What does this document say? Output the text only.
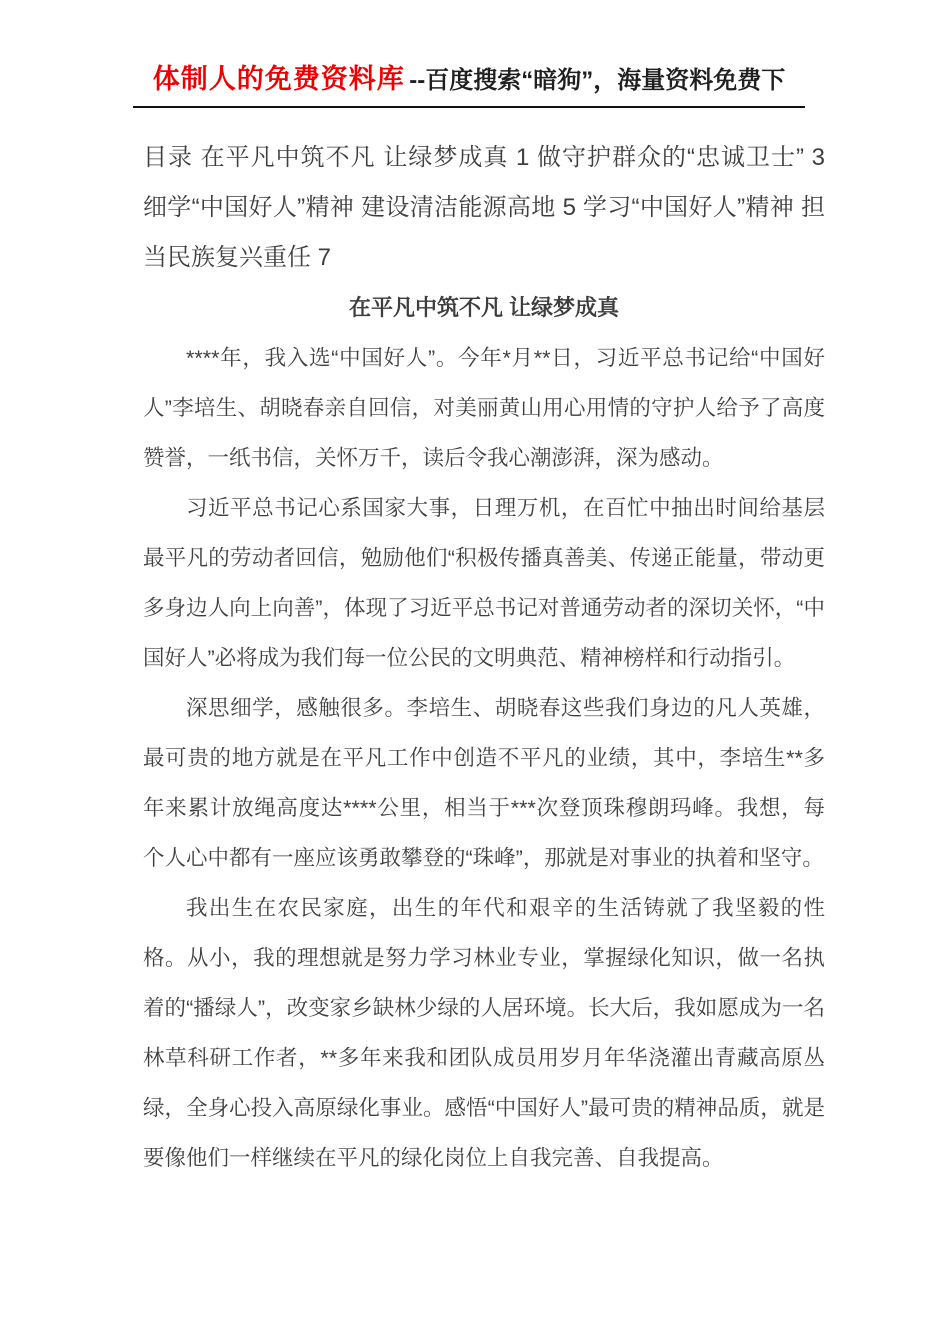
体制人的免费资料库 --百度搜索“暗狗”，海量资料免费下

目录 在平凡中筑不凡 让绿梦成真 1 做守护群众的“忠诚卫士” 3 细学“中国好人”精神 建设清洁能源高地 5 学习“中国好人”精神 担当民族复兴重任 7

在平凡中筑不凡 让绿梦成真

****年，我入选“中国好人”。今年*月**日，习近平总书记给“中国好人”李培生、胡晓春亲自回信，对美丽黄山用心用情的守护人给予了高度赞誉，一纸书信，关怀万千，读后令我心潮澎湃，深为感动。

习近平总书记心系国家大事，日理万机，在百忙中抽出时间给基层最平凡的劳动者回信，勉励他们“积极传播真善美、传递正能量，带动更多身边人向上向善”，体现了习近平总书记对普通劳动者的深切关怀，“中国好人”必将成为我们每一位公民的文明典范、精神榜样和行动指引。

深思细学，感触很多。李培生、胡晓春这些我们身边的凡人英雄，最可贵的地方就是在平凡工作中创造不平凡的业绩，其中，李培生**多年来累计放绳高度达****公里，相当于***次登顶珠穆朗玛峰。我想，每个人心中都有一座应该勇敢攀登的“珠峰”，那就是对事业的执着和坚守。

我出生在农民家庭，出生的年代和艰辛的生活铸就了我坚毅的性格。从小，我的理想就是努力学习林业专业，掌握绿化知识，做一名执着的“播绿人”，改变家乡缺林少绿的人居环境。长大后，我如愿成为一名林草科研工作者，**多年来我和团队成员用岁月年华浇灌出青藏高原丛绿，全身心投入高原绿化事业。感悟“中国好人”最可贵的精神品质，就是要像他们一样继续在平凡的绿化岗位上自我完善、自我提高。
